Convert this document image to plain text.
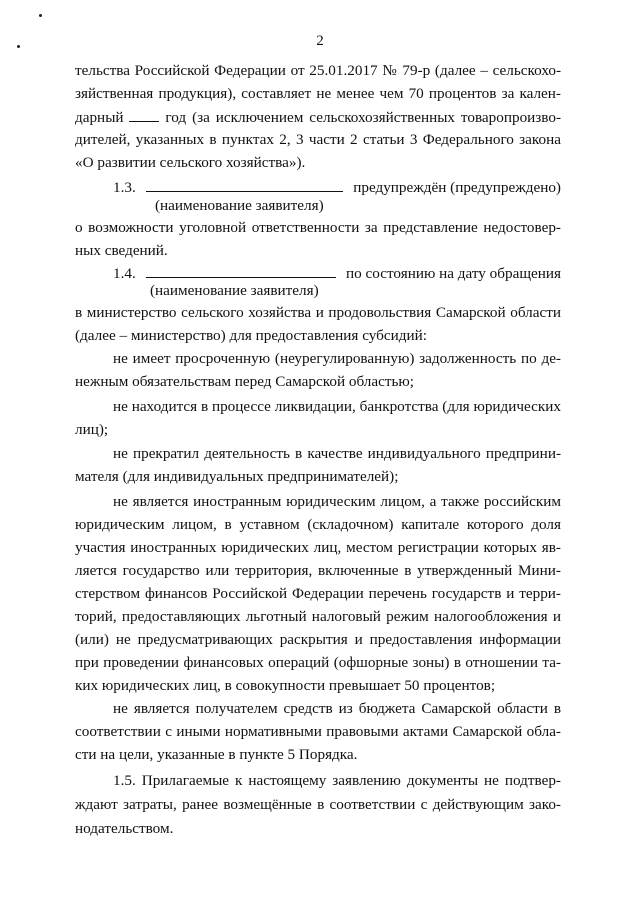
2
тельства Российской Федерации от 25.01.2017 № 79-р (далее – сельскохо-
зяйственная продукция), составляет не менее чем 70 процентов за кален-
дарный	год (за исключением сельскохозяйственных товаропроизво-
дителей, указанных в пунктах 2, 3 части 2 статьи 3 Федерального закона
«О развитии сельского хозяйства»).
1.3.	предупреждён (предупреждено)
(наименование заявителя)
о возможности уголовной ответственности за представление недостовер-
ных сведений.
1.4.	по состоянию на дату обращения
(наименование заявителя)
в министерство сельского хозяйства и продовольствия Самарской области
(далее – министерство) для предоставления субсидий:
не имеет просроченную (неурегулированную) задолженность по де-
нежным обязательствам перед Самарской областью;
не находится в процессе ликвидации, банкротства (для юридических
лиц);
не прекратил деятельность в качестве индивидуального предприни-
мателя (для индивидуальных предпринимателей);
не является иностранным юридическим лицом, а также российским
юридическим лицом, в уставном (складочном) капитале которого доля
участия иностранных юридических лиц, местом регистрации которых яв-
ляется государство или территория, включенные в утвержденный Мини-
стерством финансов Российской Федерации перечень государств и терри-
торий, предоставляющих льготный налоговый режим налогообложения и
(или) не предусматривающих раскрытия и предоставления информации
при проведении финансовых операций (офшорные зоны) в отношении та-
ких юридических лиц, в совокупности превышает 50 процентов;
не является получателем средств из бюджета Самарской области в
соответствии с иными нормативными правовыми актами Самарской обла-
сти на цели, указанные в пункте 5 Порядка.
1.5. Прилагаемые к настоящему заявлению документы не подтвер-
ждают затраты, ранее возмещённые в соответствии с действующим зако-
нодательством.
